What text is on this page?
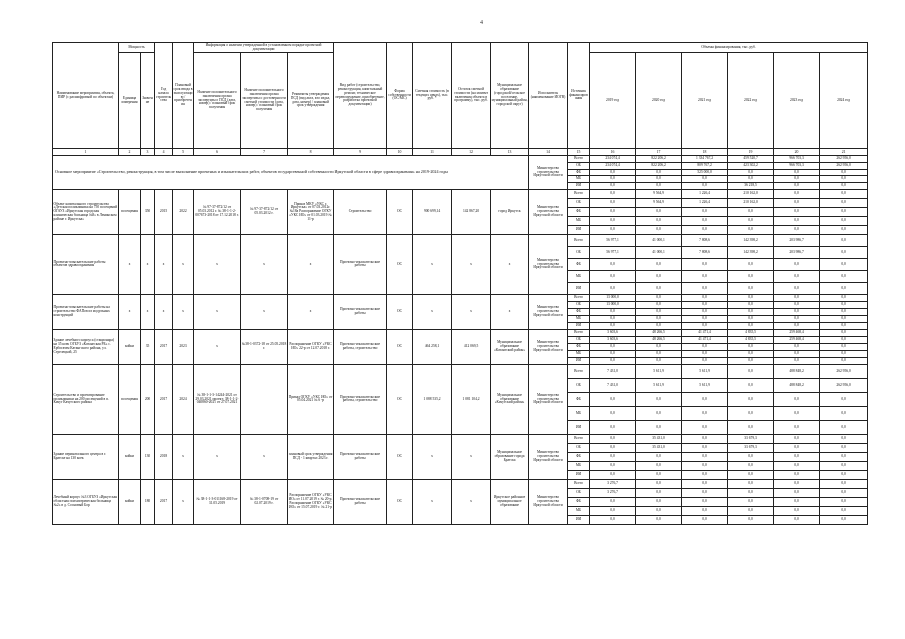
4
Наименование мероприятия, объекта, ПИР (с расшифровкой по объектам)	Мощность		Год начала строительства	Плановый срок ввода в эксплуатацию / приобретения	Информация о наличии утвержденной в установленном порядке проектной документации			Вид работ (строительство, реконструкция, капитальный ремонт, техническое перевооружение, приобретение, разработка проектной документации)	Форма собственности (ОС/МС)	Сметная стоимость (в текущих ценах), тыс. руб. *	Остаток сметной стоимости (на момент включения объекта в программу), тыс. руб.	Муниципальное образование (городской/сельское поселение, муниципальный район, городской округ)	Исполнитель (наименование ИОГВ)	Источник финансирования	Объемы финансирования, тыс. руб.					
	Единица измерения	Значение			Наличие положительного заключения органа экспертизы о ПСД (дата, номер) / плановый срок получения	Наличие положительного заключения органа экспертизы о достоверности сметной стоимости (дата, номер) / плановый срок получения	Реквизиты утверждения ПСД (вид акта, кто издал, дата, номер) / плановый срок утверждения								2019 год	2020 год	2021 год	2022 год	2023 год	2024 год
1	2	3	4	5	6	7	8	9	10	11	12	13	14	15	16	17	18	19	20	21
Основное мероприятие «Строительство, реконструкция, в том числе выполнение проектных и изыскательских работ, объектов государственной собственности Иркутской области в сфере здравоохранения» на 2019-2024 годы													Министерство строительства Иркутской области	Всего	234 074,4	822 206,2	1 334 767,2	459 520,7	966 703,3	262 956,0
														ОБ	234 074,4	822 206,2	809 767,2	423 302,2	966 703,3	262 956,0
														ФБ	0,0	0,0	525 000,0	0,0	0,0	0,0
														МБ	0,0	0,0	0,0	0,0	0,0	0,0
														ИИ	0,0	0,0	0,0	36 218,5	0,0	0,0
Объект капитального строительства «Детская поликлиника на 750 посещений ОГАУЗ «Иркутская городская клиническая больница №8» в Ленинском районе г. Иркутска»	посещения	350	2015	2022	№ 97-37-872/12 от 05.03.2012 г. № 38-1-1-2-007673-2018 от 17.12.2018 г.	№ 97-37-872/12 от 05.03.2012 г.	Приказ МКУ «УКС г. Иркутска» от 07.03.2012г. №18а Распоряжение ОГКУ «УКС ИО» от 01.03.2019 № 11-р	Строительство	ОС	900 699,14	142 867,20	город Иркутск	Министерство строительства Иркутской области	Всего	0,0	9 564,9	1 226,4	210 162,0	0,0	0,0
														ОБ	0,0	9 564,9	1 226,4	210 162,0	0,0	0,0
														ФБ	0,0	0,0	0,0	0,0	0,0	0,0
														МБ	0,0	0,0	0,0	0,0	0,0	0,0
														ИИ	0,0	0,0	0,0	0,0	0,0	0,0
Проектно-изыскательские работы объектов здравоохранения	х	х	х	х	х	х	х	Проектно-изыскательские работы	ОС	х	х	х	Министерство строительства Иркутской области	Всего	56 977,1	41 000,1	7 808,6	142 398,2	203 986,7	0,0
														ОБ	56 977,1	41 000,1	7 808,6	142 398,2	203 986,7	0,0
														ФБ	0,0	0,0	0,0	0,0	0,0	0,0
														МБ	0,0	0,0	0,0	0,0	0,0	0,0
														ИИ	0,0	0,0	0,0	0,0	0,0	0,0
Проектно-изыскательские работы на строительство ФАПов из модульных конструкций	х	х	х	х	х	х	х	Проектно-изыскательские работы	ОС	х	х	х	Министерство строительства Иркутской области	Всего	13 000,0	0,0	0,0	0,0	0,0	0,0
														ОБ	13 000,0	0,0	0,0	0,0	0,0	0,0
														ФБ	0,0	0,0	0,0	0,0	0,0	0,0
														МБ	0,0	0,0	0,0	0,0	0,0	0,0
														ИИ	0,0	0,0	0,0	0,0	0,0	0,0
Здание лечебного корпуса (стационара) на 35 коек ОГБУЗ «Катангская РБ» с. Ербогачен Катангского района, ул. Стрелецкой, 25	койки	35	2017	2023	х	№38-1-0372-18 от 25.05.2018 г.	Распоряжение ОГКУ «УКС ИО» 22-р от 12.07.2018 г.	Проектно-изыскательские работы, строительство	ОС	464 258,1	412 069,5	Муниципальное образование «Катангский район»	Министерство строительства Иркутской области	Всего	3 603,6	48 266,5	41 471,4	4 835,5	259 468,4	0,0
														ОБ	3 603,6	48 266,5	41 471,4	4 835,5	259 468,4	0,0
														ФБ	0,0	0,0	0,0	0,0	0,0	0,0
														МБ	0,0	0,0	0,0	0,0	0,0	0,0
														ИИ	0,0	0,0	0,0	0,0	0,0	0,0
Строительство и проектирование поликлиники на 200 посещений в п. Качуг Качугского района	посещения	200	2017	2024	№ 38-1-1-3-14244-2021 от 29.03.2021 проект; 38-1-1-2-040860-2021 от 27.07.2021		Приказ ОГКУ «УКС ИО» от 05.04.2021 № 6 -р	Проектно-изыскательские работы, строительство	ОС	1 088 535,2	1 081 104,2	Муниципальное образование «Качугский район»	Министерство строительства Иркутской области	Всего	7 431,0	5 611,9	5 611,9	0,0	488 848,2	262 956,0
														ОБ	7 431,0	5 611,9	5 611,9	0,0	488 848,2	262 956,0
														ФБ	0,0	0,0	0,0	0,0	0,0	0,0
														МБ	0,0	0,0	0,0	0,0	0,0	0,0
														ИИ	0,0	0,0	0,0	0,0	0,0	0,0
Здание перинатального центра в г. Братске на 130 коек	койки	130	2018	х	х	х	плановый срок утверждения ПСД - 1 квартал 2023 г.	Проектно-изыскательские работы	ОС	х	х	Муниципальное образование города Братска	Министерство строительства Иркутской области	Всего	0,0	35 431,0	0,0	33 679,3	0,0	0,0
														ОБ	0,0	35 431,0	0,0	33 679,3	0,0	0,0
														ФБ	0,0	0,0	0,0	0,0	0,0	0,0
														МБ	0,0	0,0	0,0	0,0	0,0	0,0
														ИИ	0,0	0,0	0,0	0,0	0,0	0,0
Лечебный корпус №3 ОГБУЗ «Иркутская областная психиатрическая больница №2» в д. Сосновый Бор	койки	180	2017	х	№ 38-1-1-3-011168-2019 от 31.05.2019	№ 38-1-0708-19 от 02.07.2019 г.	Распоряжение ОГКУ «УКС ИО» от 11.07.2019 г. № 20-р. Распоряжение ОГКУ «УКС ИО» от 15.07.2019 г. № 21-р	Проектно-изыскательские работы	ОС	х	х	Иркутское районное муниципальное образование	Министерство строительства Иркутской области	Всего	3 276,7	0,0	0,0	0,0	0,0	0,0
														ОБ	3 276,7	0,0	0,0	0,0	0,0	0,0
														ФБ	0,0	0,0	0,0	0,0	0,0	0,0
														МБ	0,0	0,0	0,0	0,0	0,0	0,0
														ИИ	0,0	0,0	0,0	0,0	0,0	0,0
